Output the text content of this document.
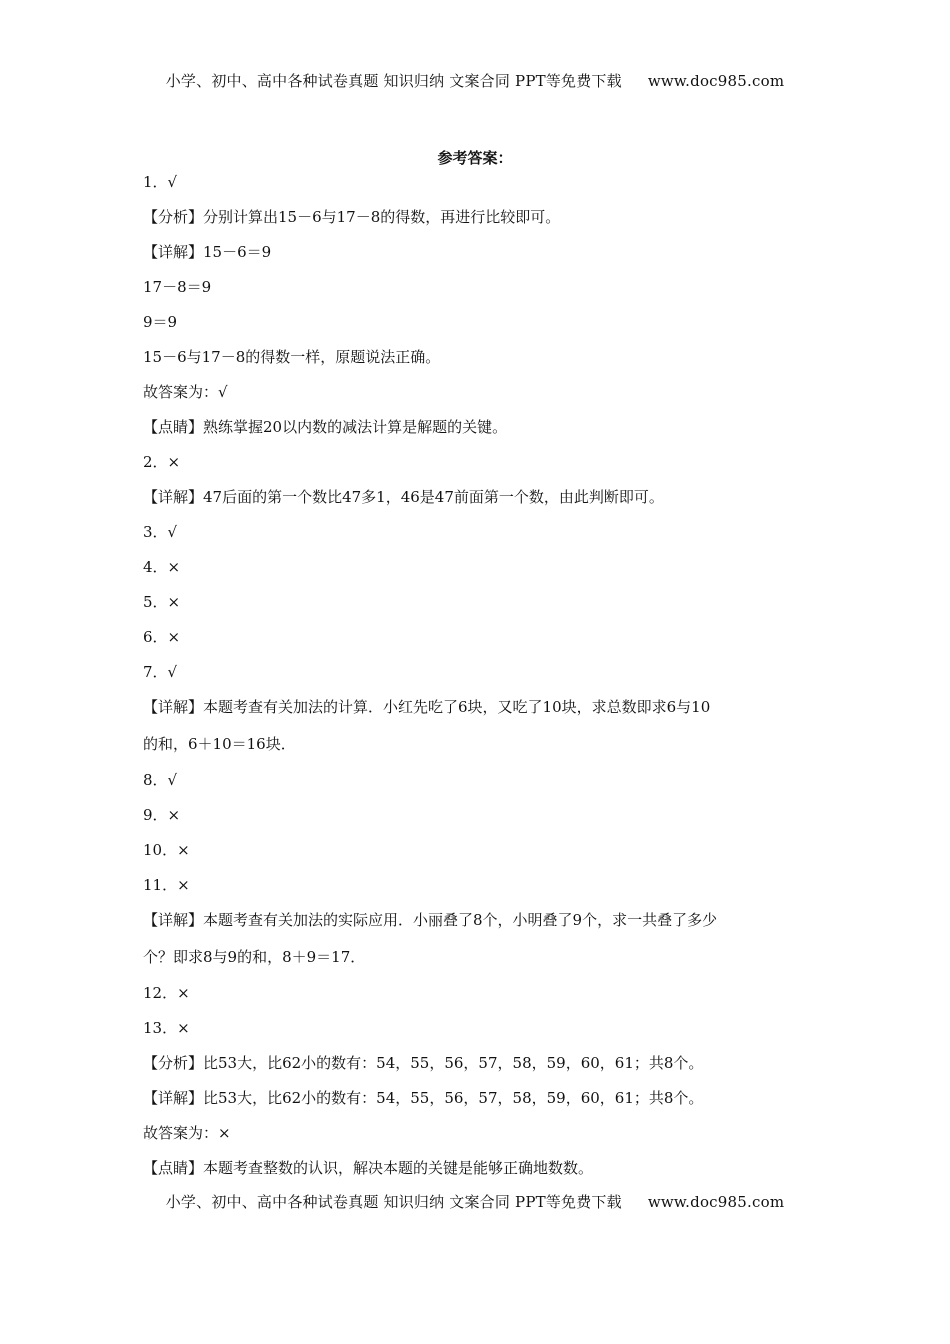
小学、初中、高中各种试卷真题 知识归纳 文案合同 PPT等免费下载 www.doc985.com
参考答案：
1．√
【分析】分别计算出15－6与17－8的得数，再进行比较即可。
【详解】15－6＝9
17－8＝9
9＝9
15－6与17－8的得数一样，原题说法正确。
故答案为：√
【点睛】熟练掌握20以内数的减法计算是解题的关键。
2．×
【详解】47后面的第一个数比47多1，46是47前面第一个数，由此判断即可。
3．√
4．×
5．×
6．×
7．√
【详解】本题考查有关加法的计算．小红先吃了6块，又吃了10块，求总数即求6与10
的和，6＋10＝16块．
8．√
9．×
10．×
11．×
【详解】本题考查有关加法的实际应用．小丽叠了8个，小明叠了9个，求一共叠了多少
个？即求8与9的和，8＋9＝17．
12．×
13．×
【分析】比53大，比62小的数有：54，55，56，57，58，59，60，61；共8个。
【详解】比53大，比62小的数有：54，55，56，57，58，59，60，61；共8个。
故答案为：×
【点睛】本题考查整数的认识，解决本题的关键是能够正确地数数。
小学、初中、高中各种试卷真题 知识归纳 文案合同 PPT等免费下载 www.doc985.com
